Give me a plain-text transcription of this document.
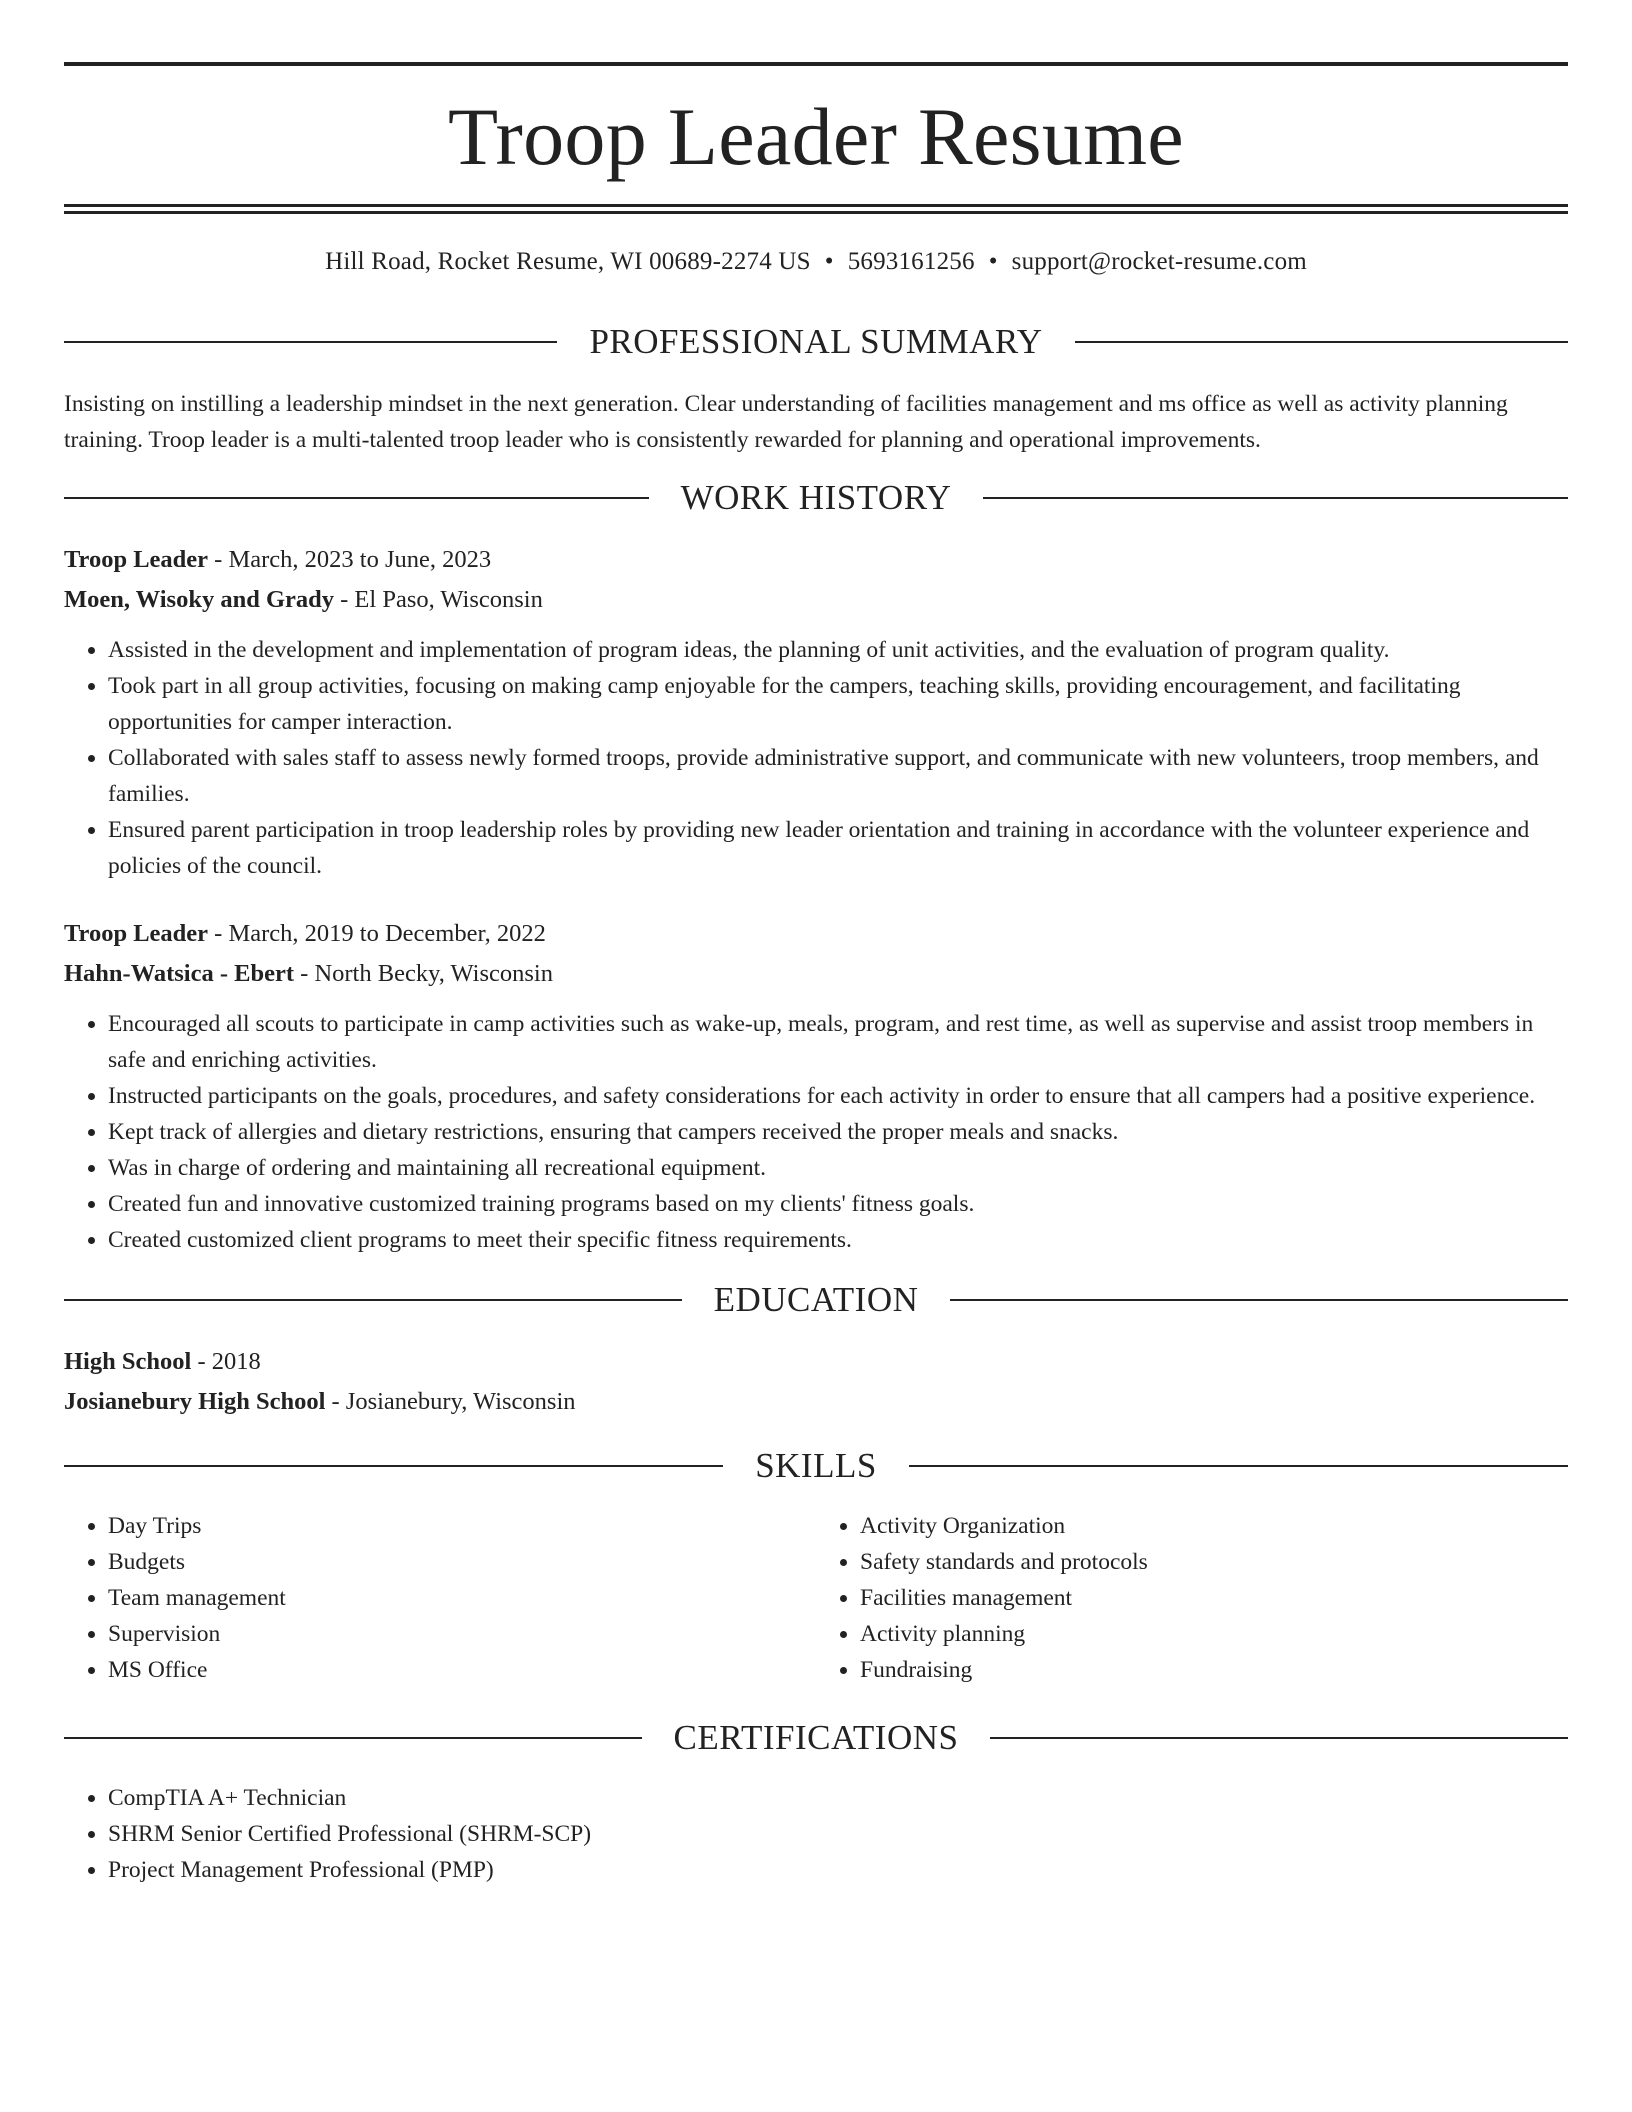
Troop Leader Resume
Hill Road, Rocket Resume, WI 00689-2274 US • 5693161256 • support@rocket-resume.com
PROFESSIONAL SUMMARY

Insisting on instilling a leadership mindset in the next generation. Clear understanding of facilities management and ms office as well as activity planning training. Troop leader is a multi-talented troop leader who is consistently rewarded for planning and operational improvements.

WORK HISTORY
Troop Leader - March, 2023 to June, 2023
Moen, Wisoky and Grady - El Paso, Wisconsin
• Assisted in the development and implementation of program ideas, the planning of unit activities, and the evaluation of program quality.
• Took part in all group activities, focusing on making camp enjoyable for the campers, teaching skills, providing encouragement, and facilitating opportunities for camper interaction.
• Collaborated with sales staff to assess newly formed troops, provide administrative support, and communicate with new volunteers, troop members, and families.
• Ensured parent participation in troop leadership roles by providing new leader orientation and training in accordance with the volunteer experience and policies of the council.
Troop Leader - March, 2019 to December, 2022
Hahn-Watsica - Ebert - North Becky, Wisconsin
• Encouraged all scouts to participate in camp activities such as wake-up, meals, program, and rest time, as well as supervise and assist troop members in safe and enriching activities.
• Instructed participants on the goals, procedures, and safety considerations for each activity in order to ensure that all campers had a positive experience.
• Kept track of allergies and dietary restrictions, ensuring that campers received the proper meals and snacks.
• Was in charge of ordering and maintaining all recreational equipment.
• Created fun and innovative customized training programs based on my clients' fitness goals.
• Created customized client programs to meet their specific fitness requirements.
EDUCATION
High School - 2018
Josianebury High School - Josianebury, Wisconsin
SKILLS
• Day Trips
• Budgets
• Team management
• Supervision
• MS Office
• Activity Organization
• Safety standards and protocols
• Facilities management
• Activity planning
• Fundraising
CERTIFICATIONS
• CompTIA A+ Technician
• SHRM Senior Certified Professional (SHRM-SCP)
• Project Management Professional (PMP)
